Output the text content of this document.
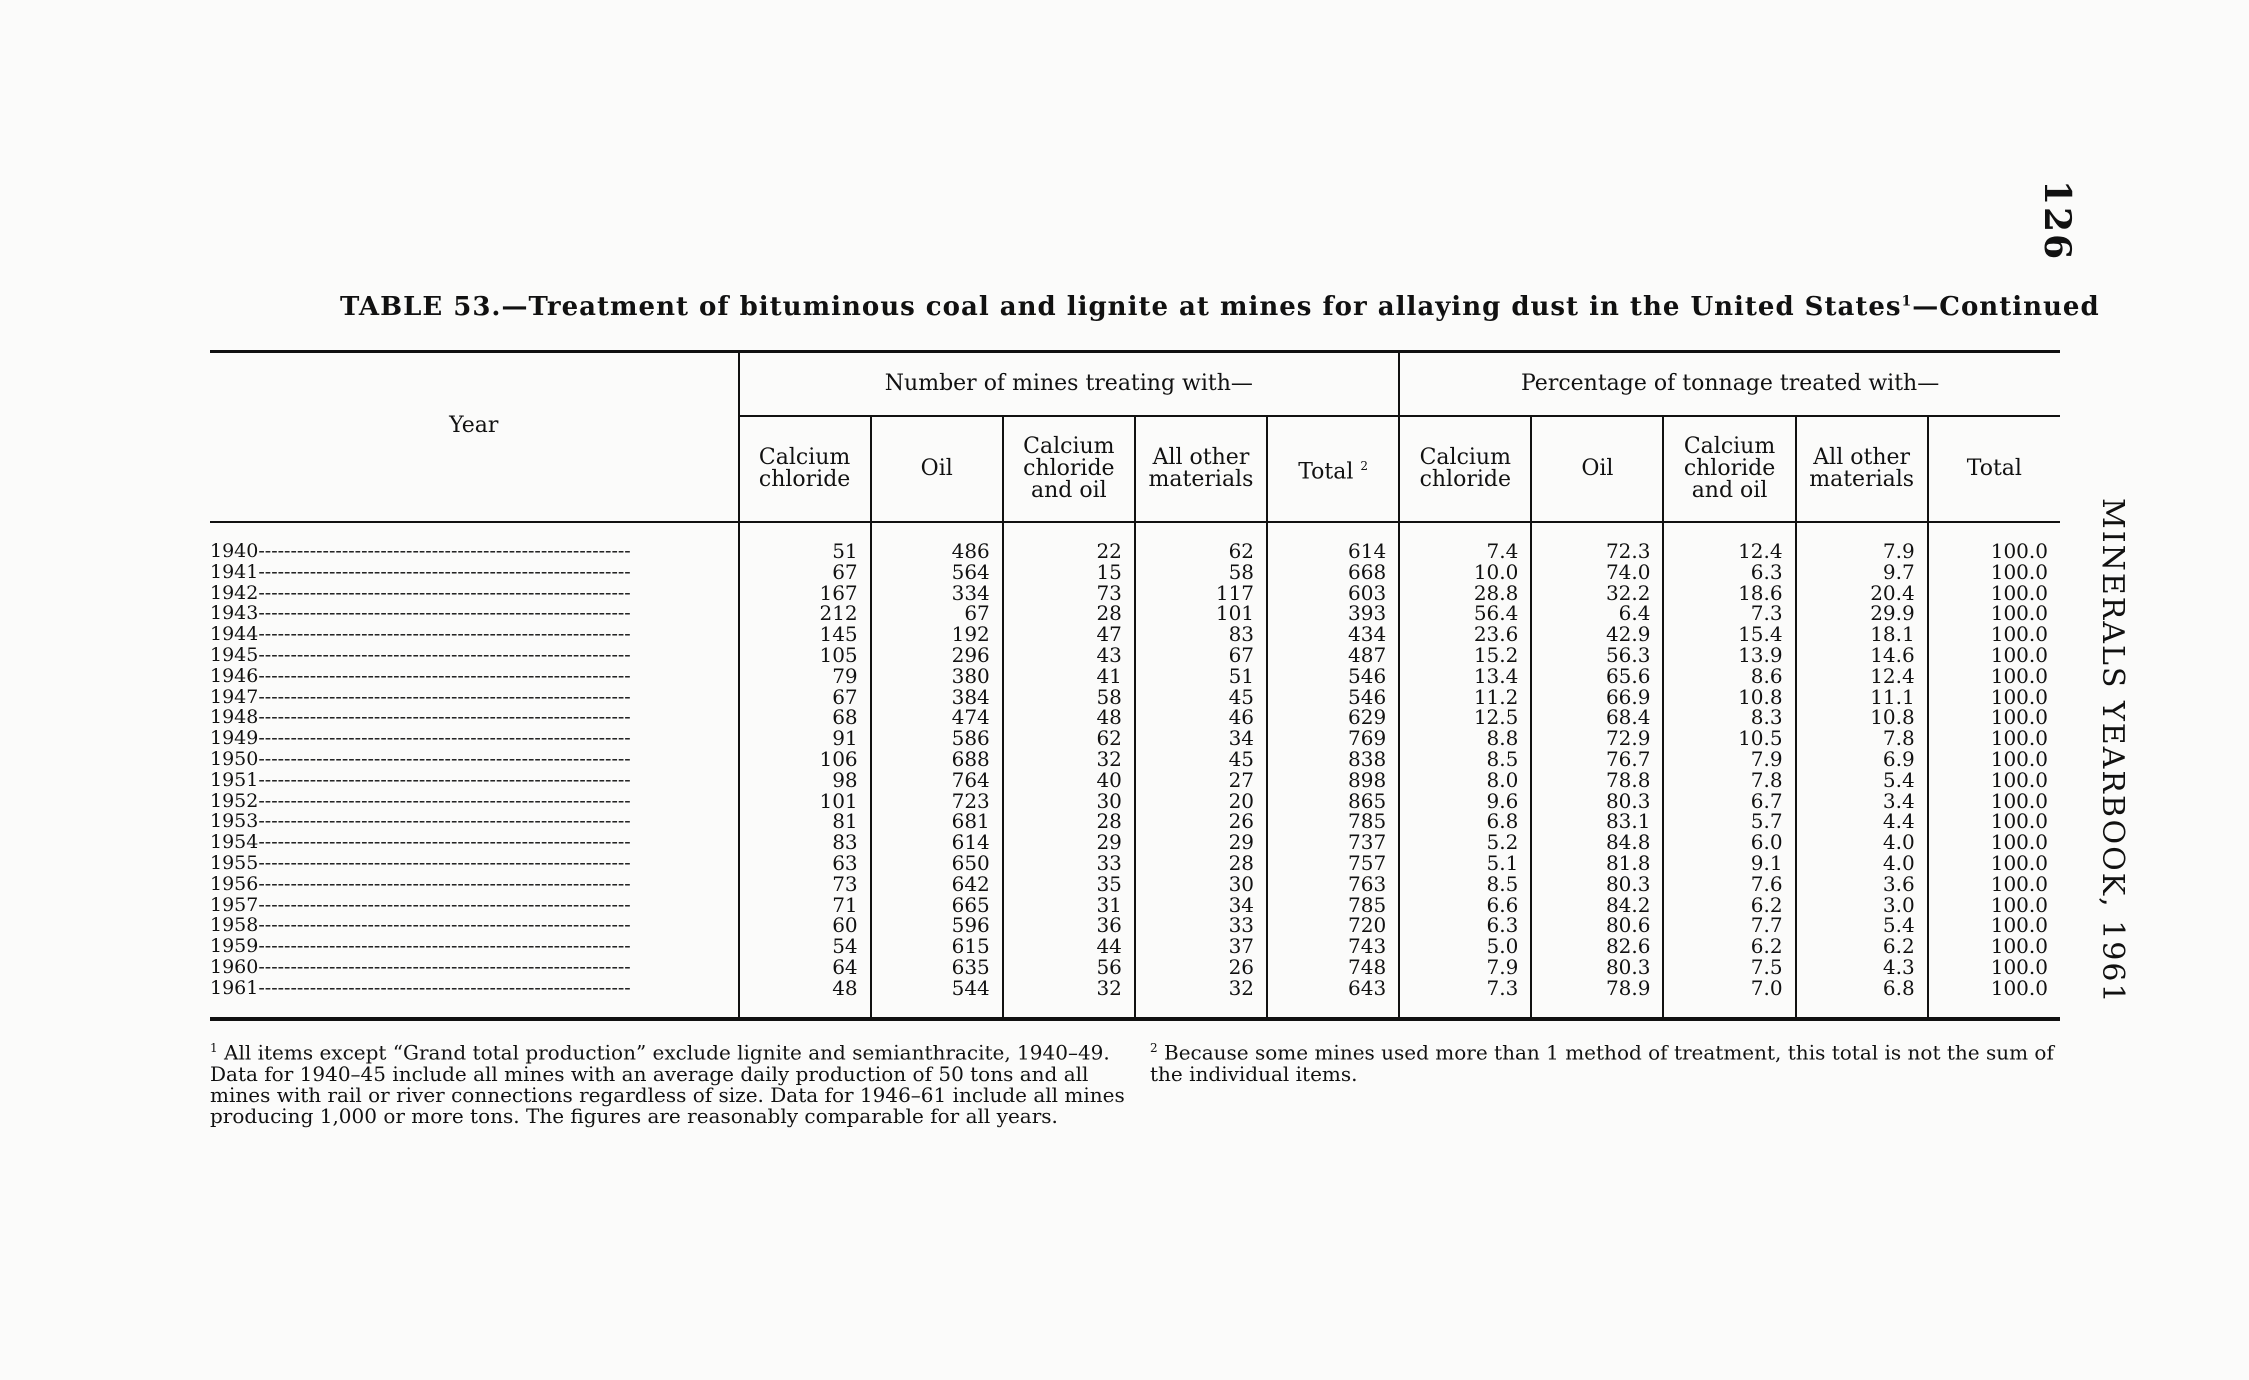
126
MINERALS YEARBOOK, 1961
TABLE 53.—Treatment of bituminous coal and lignite at mines for allaying dust in the United States$^1$—Continued
Year	Number of mines treating with—					Percentage of tonnage treated with—				
	Calcium chloride	Oil	Calcium chloride and oil	All other materials	Total $^2$	Calcium chloride	Oil	Calcium chloride and oil	All other materials	Total
1940----------------------------------------------------------	51	486	22	62	614	7.4	72.3	12.4	7.9	100.0
1941----------------------------------------------------------	67	564	15	58	668	10.0	74.0	6.3	9.7	100.0
1942----------------------------------------------------------	167	334	73	117	603	28.8	32.2	18.6	20.4	100.0
1943----------------------------------------------------------	212	67	28	101	393	56.4	6.4	7.3	29.9	100.0
1944----------------------------------------------------------	145	192	47	83	434	23.6	42.9	15.4	18.1	100.0
1945----------------------------------------------------------	105	296	43	67	487	15.2	56.3	13.9	14.6	100.0
1946----------------------------------------------------------	79	380	41	51	546	13.4	65.6	8.6	12.4	100.0
1947----------------------------------------------------------	67	384	58	45	546	11.2	66.9	10.8	11.1	100.0
1948----------------------------------------------------------	68	474	48	46	629	12.5	68.4	8.3	10.8	100.0
1949----------------------------------------------------------	91	586	62	34	769	8.8	72.9	10.5	7.8	100.0
1950----------------------------------------------------------	106	688	32	45	838	8.5	76.7	7.9	6.9	100.0
1951----------------------------------------------------------	98	764	40	27	898	8.0	78.8	7.8	5.4	100.0
1952----------------------------------------------------------	101	723	30	20	865	9.6	80.3	6.7	3.4	100.0
1953----------------------------------------------------------	81	681	28	26	785	6.8	83.1	5.7	4.4	100.0
1954----------------------------------------------------------	83	614	29	29	737	5.2	84.8	6.0	4.0	100.0
1955----------------------------------------------------------	63	650	33	28	757	5.1	81.8	9.1	4.0	100.0
1956----------------------------------------------------------	73	642	35	30	763	8.5	80.3	7.6	3.6	100.0
1957----------------------------------------------------------	71	665	31	34	785	6.6	84.2	6.2	3.0	100.0
1958----------------------------------------------------------	60	596	36	33	720	6.3	80.6	7.7	5.4	100.0
1959----------------------------------------------------------	54	615	44	37	743	5.0	82.6	6.2	6.2	100.0
1960----------------------------------------------------------	64	635	56	26	748	7.9	80.3	7.5	4.3	100.0
1961----------------------------------------------------------	48	544	32	32	643	7.3	78.9	7.0	6.8	100.0
$^1$ All items except “Grand total production” exclude lignite and semianthracite, 1940–49. Data for 1940–45 include all mines with an average daily production of 50 tons and all mines with rail or river connections regardless of size. Data for 1946–61 include all mines producing 1,000 or more tons. The figures are reasonably comparable for all years.
$^2$ Because some mines used more than 1 method of treatment, this total is not the sum of the individual items.
